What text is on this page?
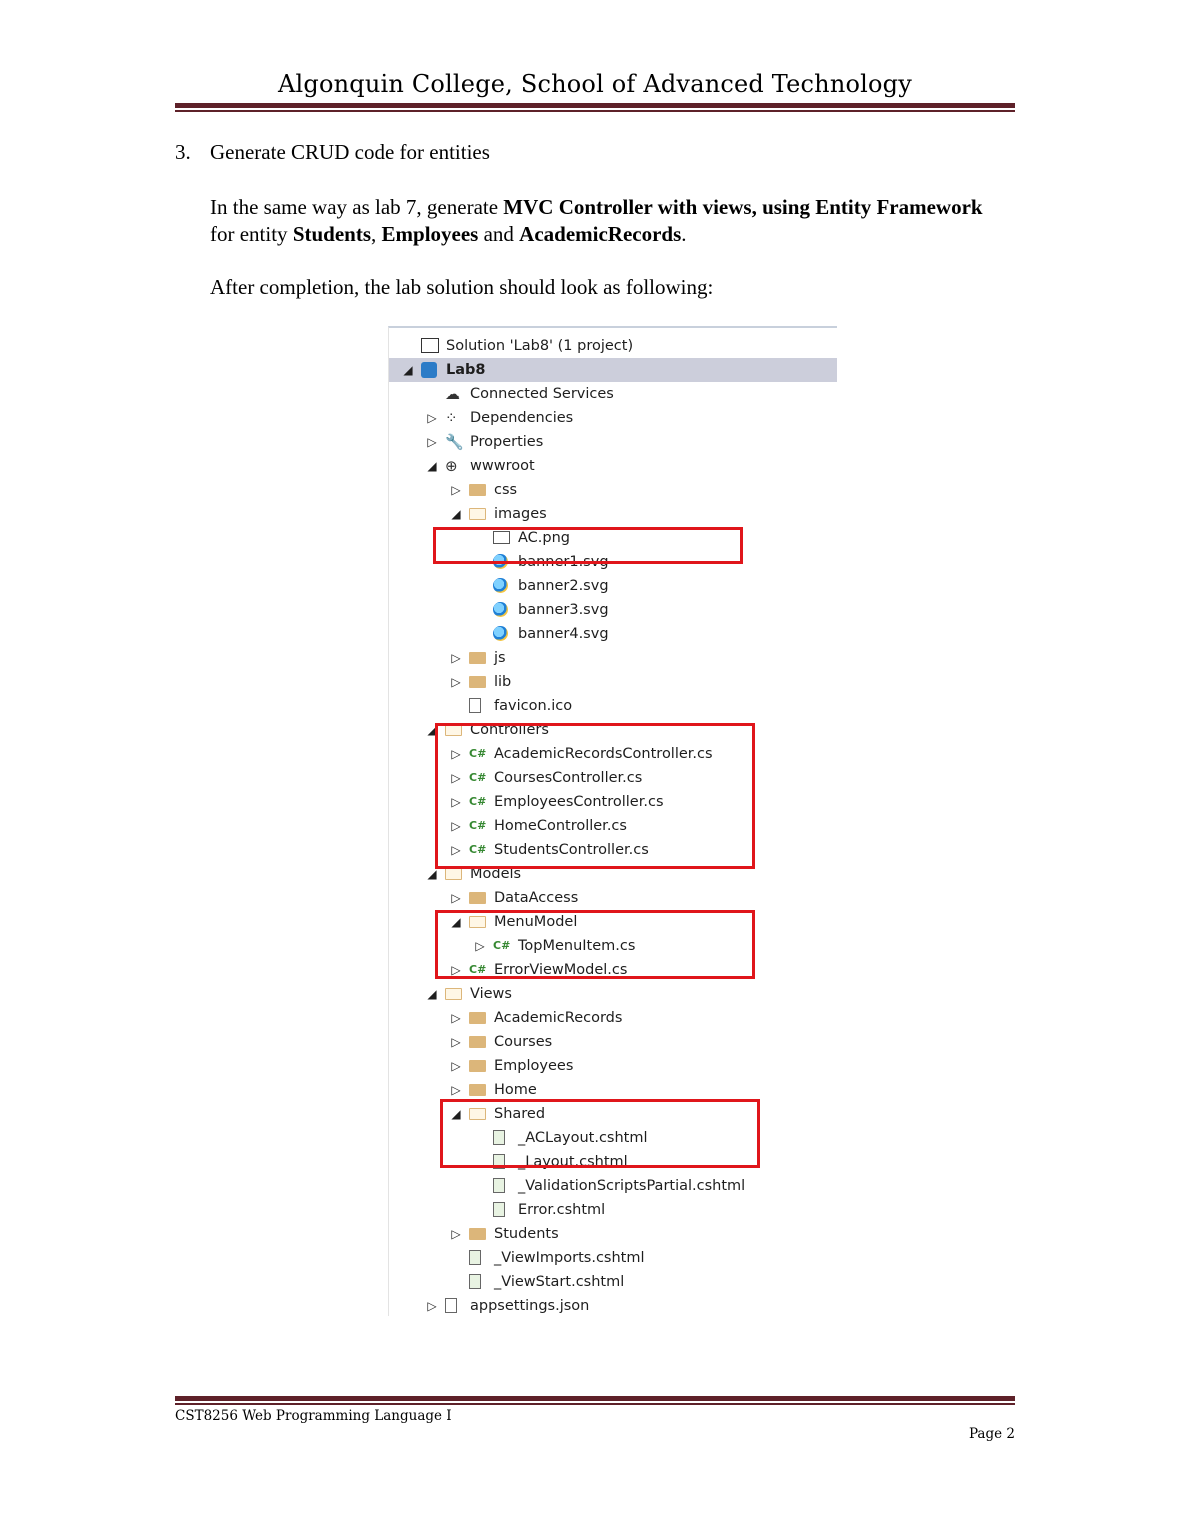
Algonquin College, School of Advanced Technology
3. Generate CRUD code for entities
In the same way as lab 7, generate MVC Controller with views, using Entity Framework for entity Students, Employees and AcademicRecords.
After completion, the lab solution should look as following:
Solution 'Lab8' (1 project)
◢ Lab8
☁ Connected Services
▷ ⁘ Dependencies
▷ 🔧 Properties
◢ ⊕ wwwroot
▷ css
◢ images
AC.png
banner1.svg
banner2.svg
banner3.svg
banner4.svg
▷ js
▷ lib
favicon.ico
◢ Controllers
▷ C# AcademicRecordsController.cs
▷ C# CoursesController.cs
▷ C# EmployeesController.cs
▷ C# HomeController.cs
▷ C# StudentsController.cs
◢ Models
▷ DataAccess
◢ MenuModel
▷ C# TopMenuItem.cs
▷ C# ErrorViewModel.cs
◢ Views
▷ AcademicRecords
▷ Courses
▷ Employees
▷ Home
◢ Shared
_ACLayout.cshtml
_Layout.cshtml
_ValidationScriptsPartial.cshtml
Error.cshtml
▷ Students
_ViewImports.cshtml
_ViewStart.cshtml
▷ appsettings.json
CST8256 Web Programming Language I
Page 2
